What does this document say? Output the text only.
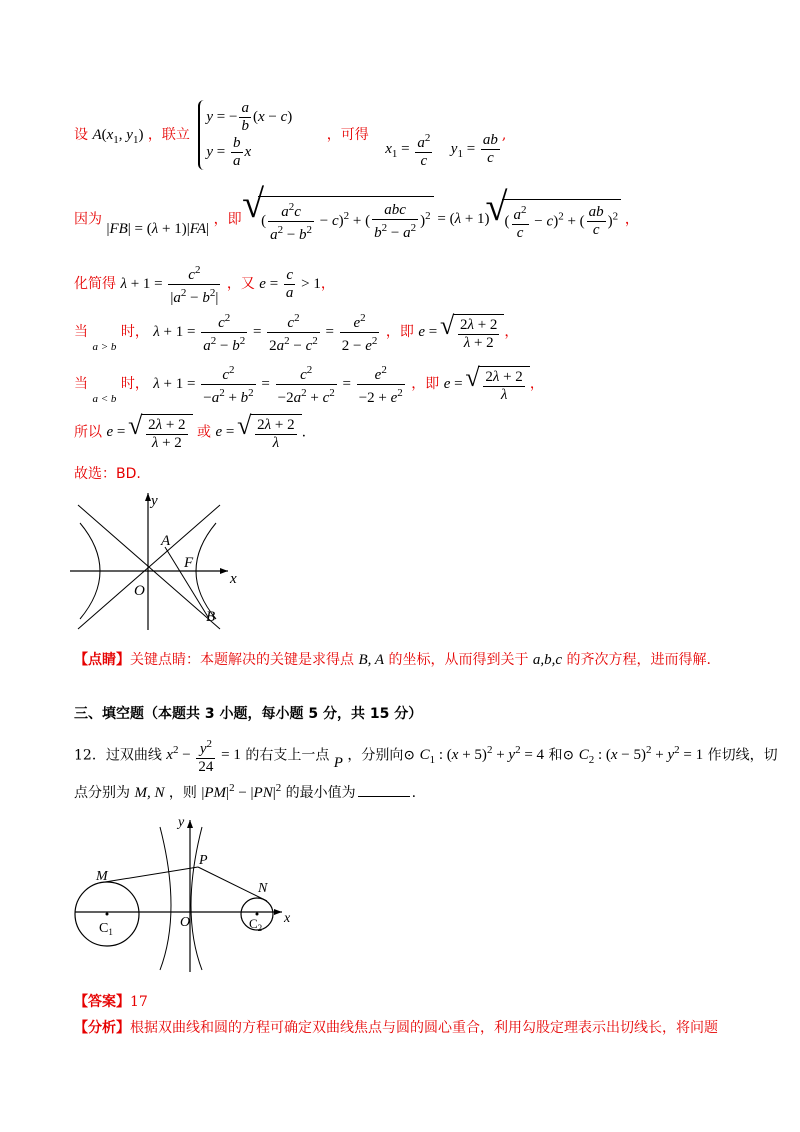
设 $A(x_1$, $y_1$) ，联立
y = − $\frac{a}{b} (x - c)$
$y = \frac{b}{a}$ x
，可得 $x_1 = \frac{a^2}{c} y_1 = \frac{ab}{c}$ ,
因为 |FB| = (λ + 1)|FA| ，即 √ ( $\frac{a^2c}{a^2 - b^2} - c)^2$ + ( $\frac{\text{abc}}{b^2 - a^2} )^2 = (\lambda + 1)√$ ( $\frac{a^2}{c} - c)^2$ + ( $\frac{ab}{c} )^2$ ，
化简得 $\lambda + 1 = \frac{c^2}{|a^2 - b^2|}$ ，又 $e = \frac{c}{a} > 1$，
当 $_{a > b}$ 时， $\lambda + 1 = \frac{c^2}{a^2 - b^2} = \frac{c^2}{2a^2 - c^2} = \frac{e^2}{2 - e^2}$ ，即 e =
√ $\frac{2\lambda + 2}{\lambda + 2}$ ，
当 $_{a < b}$ 时， $\lambda + 1 = \frac{c^2}{-a^2 + b^2} = \frac{c^2}{-2a^2 + c^2} = \frac{e^2}{-2 + e^2}$ ，即 e =
√ $\frac{2\lambda + 2}{\lambda}$ ，
所以 e =
√ $\frac{2\lambda + 2}{\lambda + 2}$ 或 e =
√ $\frac{2\lambda + 2}{\lambda}$ .
故选：BD.
y
x
A
F
O
B
【点睛】关键点睛：本题解决的关键是求得点 B, A 的坐标，从而得到关于 a,b,c 的齐次方程，进而得解.
三、填空题（本题共 3 小题，每小题 5 分，共 15 分）
12．过双曲线 $x^2 - \frac{y^2}{24} = 1$ 的右支上一点 P ，分别向⊙ $C_1$ : $(x + 5)^2 + y^2 = 4$ 和⊙ $C_2$ : $(x - 5)^2 + y^2 = 1$ 作切线，切
点分别为 M, N ，则 $|PM|^2 - |PN|^2$ 的最小值为	.
y
x
M
P
N
O
$C_1$
$C_2$
【答案】17
【分析】根据双曲线和圆的方程可确定双曲线焦点与圆的圆心重合，利用勾股定理表示出切线长，将问题
